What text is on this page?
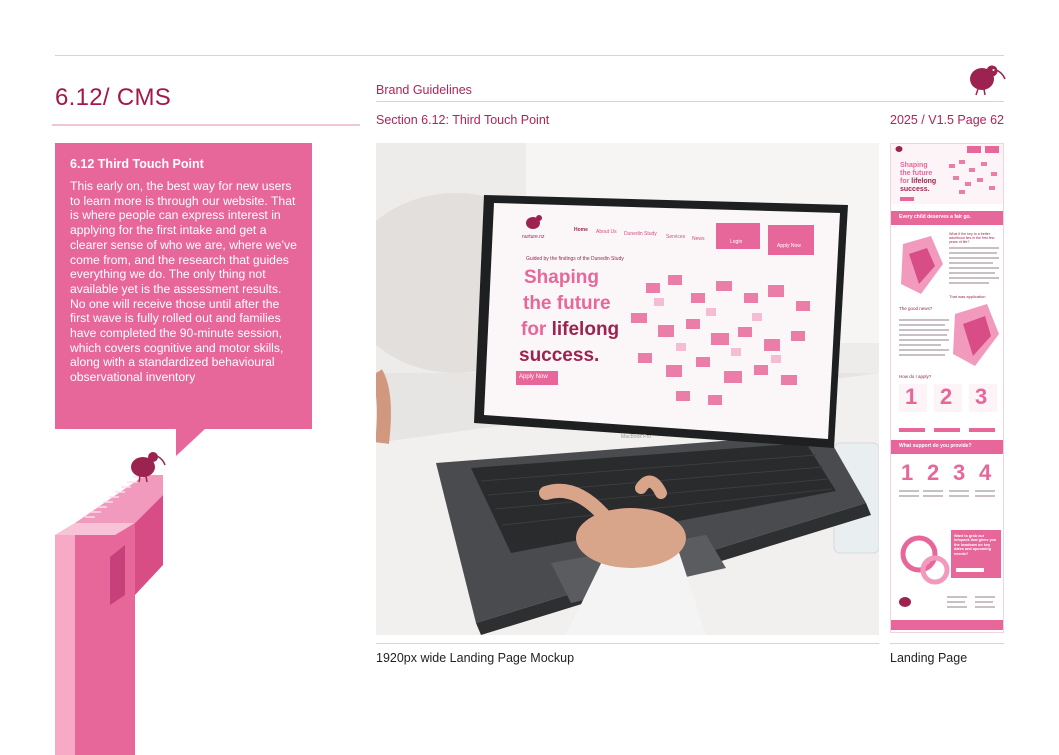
6.12/ CMS	Brand Guidelines
Section 6.12: Third Touch Point	2025 / V1.5 Page 62
6.12 Third Touch Point
This early on, the best way for new users to learn more is through our website. That is where people can express interest in applying for the first intake and get a clearer sense of who we are, where we’ve come from, and the research that guides everything we do. The only thing not available yet is the assessment results. No one will receive those until after the first wave is fully rolled out and families have completed the 90-minute session, which covers cognitive and motor skills, along with a standardized behavioural observational inventory
nurture.nz
Home About Us Dunedin Study Services News	Login
Apply Now
Guided by the findings of the Dunedin Study
Shaping
the future
for lifelong
success.
Apply Now
MacBook Pro
Shaping
the future
for lifelong
success.
Every child deserves a fair go.
What if the key to a better adulthood lies in the first few years of life?
The good news?
That was application
How do I apply?
1 2 3
What support do you provide?
1 2 3 4
Want to grab our infopack that gives you the lowdown on key dates and upcoming events?
1920px wide Landing Page Mockup	Landing Page
